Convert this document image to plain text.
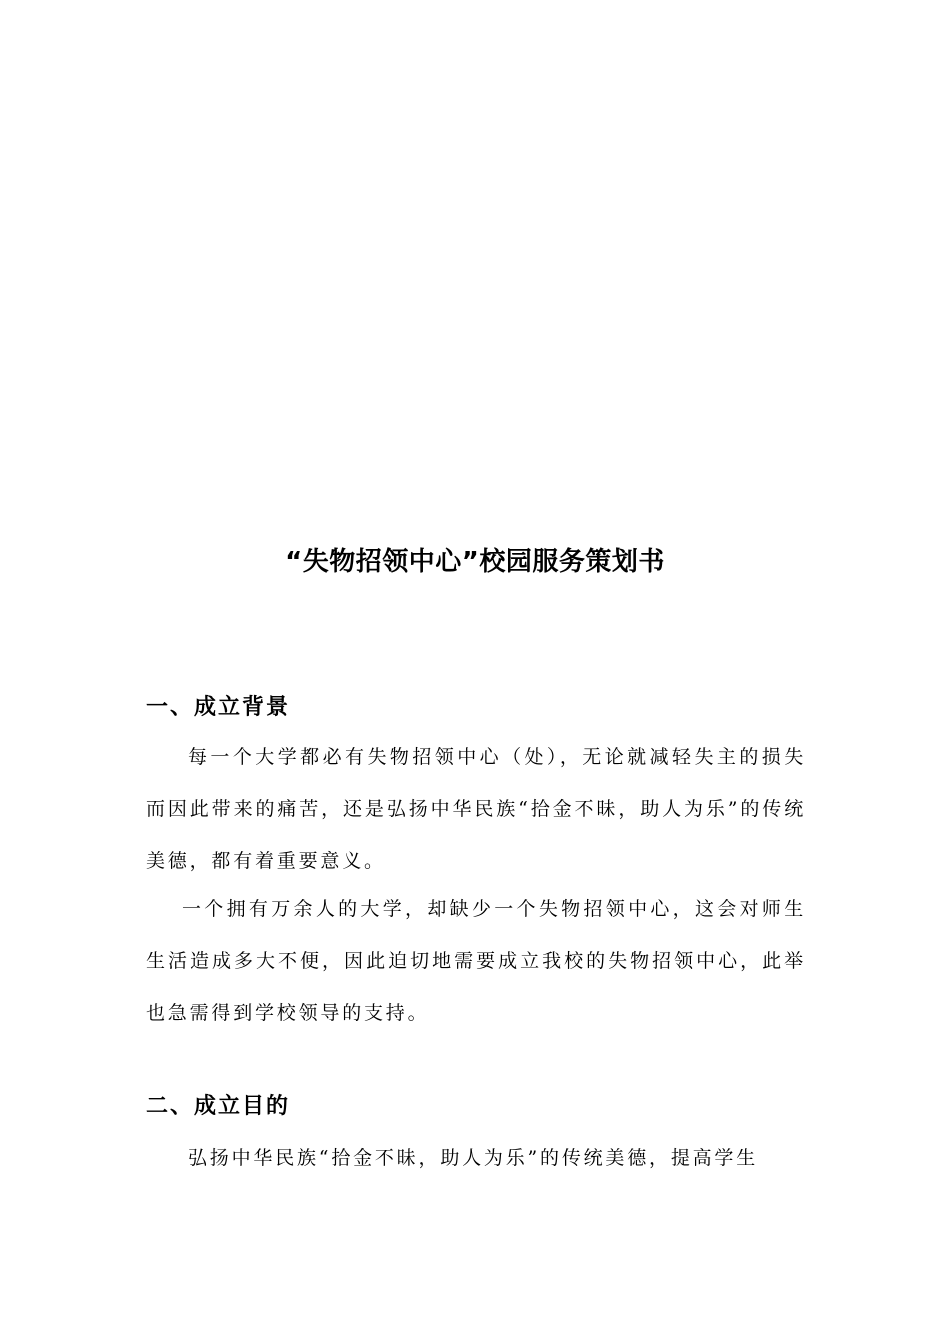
“失物招领中心”校园服务策划书
一、成立背景

每一个大学都必有失物招领中心（处），无论就减轻失主的损失而因此带来的痛苦，还是弘扬中华民族“拾金不昧，助人为乐”的传统美德，都有着重要意义。

一个拥有万余人的大学，却缺少一个失物招领中心，这会对师生生活造成多大不便，因此迫切地需要成立我校的失物招领中心，此举也急需得到学校领导的支持。

二、成立目的

弘扬中华民族“拾金不昧，助人为乐”的传统美德，提高学生
